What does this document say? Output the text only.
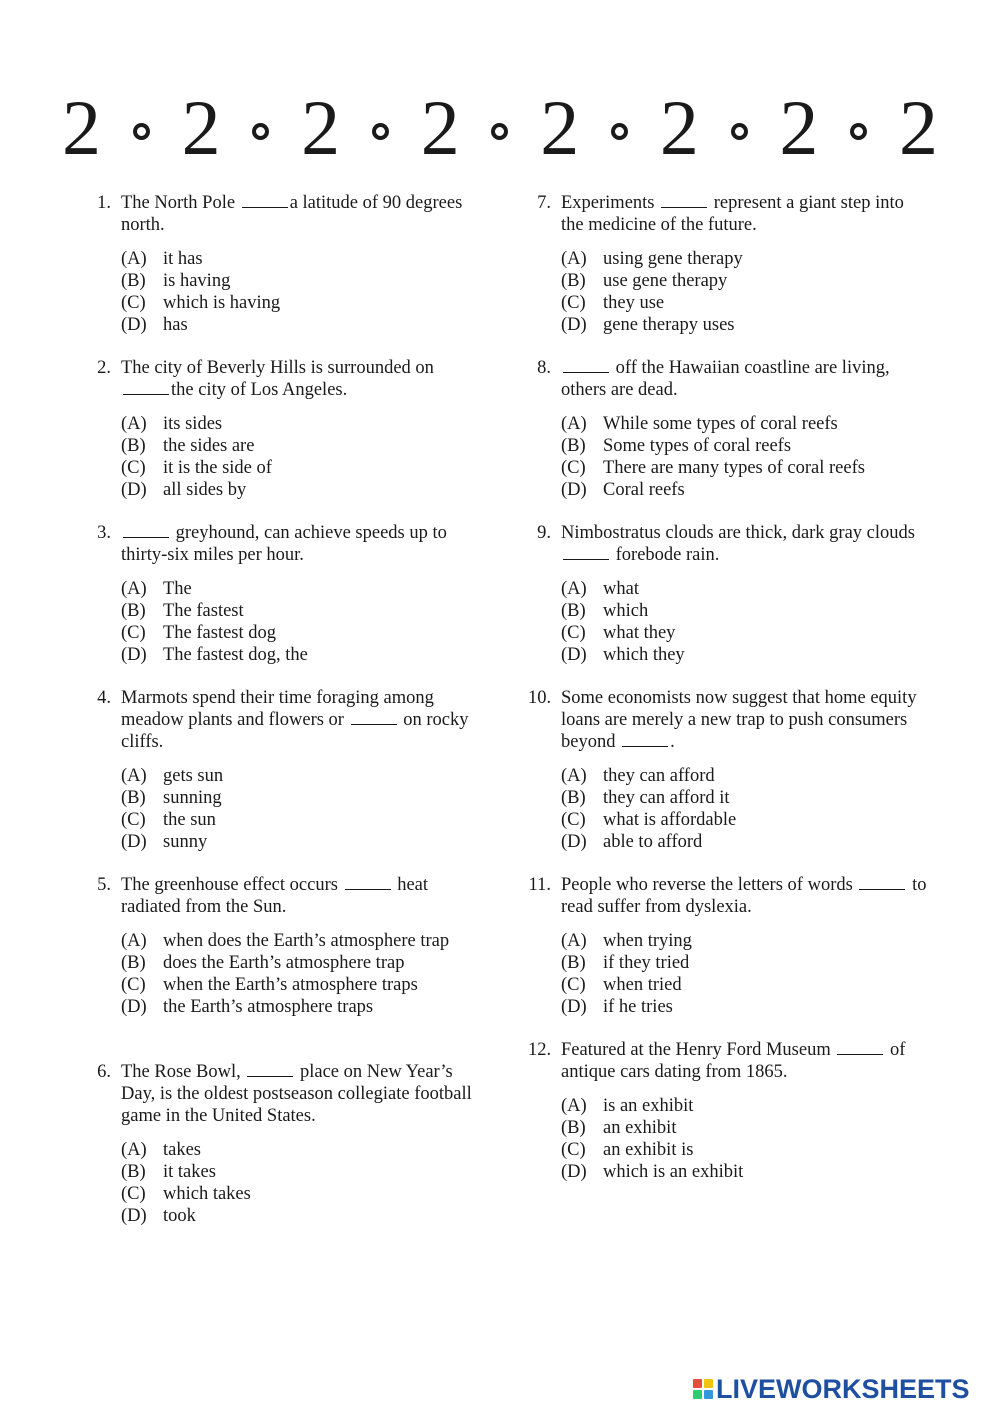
2 2 2 2 2 2 2 2
1. The North Pole	a latitude of 90 degrees north.
(A) it has
(B) is having
(C) which is having
(D) has
2. The city of Beverly Hills is surrounded on the city of Los Angeles.
(A) its sides
(B) the sides are
(C) it is the side of
(D) all sides by
3.	greyhound, can achieve speeds up to thirty-six miles per hour.
(A) The
(B) The fastest
(C) The fastest dog
(D) The fastest dog, the
4. Marmots spend their time foraging among meadow plants and flowers or	on rocky cliffs.
(A) gets sun
(B) sunning
(C) the sun
(D) sunny
5. The greenhouse effect occurs	heat radiated from the Sun.
(A) when does the Earth’s atmosphere trap
(B) does the Earth’s atmosphere trap
(C) when the Earth’s atmosphere traps
(D) the Earth’s atmosphere traps
6. The Rose Bowl,	place on New Year’s Day, is the oldest postseason collegiate football game in the United States.
(A) takes
(B) it takes
(C) which takes
(D) took
7. Experiments	represent a giant step into the medicine of the future.
(A) using gene therapy
(B) use gene therapy
(C) they use
(D) gene therapy uses
8.	off the Hawaiian coastline are living, others are dead.
(A) While some types of coral reefs
(B) Some types of coral reefs
(C) There are many types of coral reefs
(D) Coral reefs
9. Nimbostratus clouds are thick, dark gray clouds  forebode rain.
(A) what
(B) which
(C) what they
(D) which they
10. Some economists now suggest that home equity loans are merely a new trap to push consumers beyond	.
(A) they can afford
(B) they can afford it
(C) what is affordable
(D) able to afford
11. People who reverse the letters of words	to read suffer from dyslexia.
(A) when trying
(B) if they tried
(C) when tried
(D) if he tries
12. Featured at the Henry Ford Museum	of antique cars dating from 1865.
(A) is an exhibit
(B) an exhibit
(C) an exhibit is
(D) which is an exhibit
LIVEWORKSHEETS
